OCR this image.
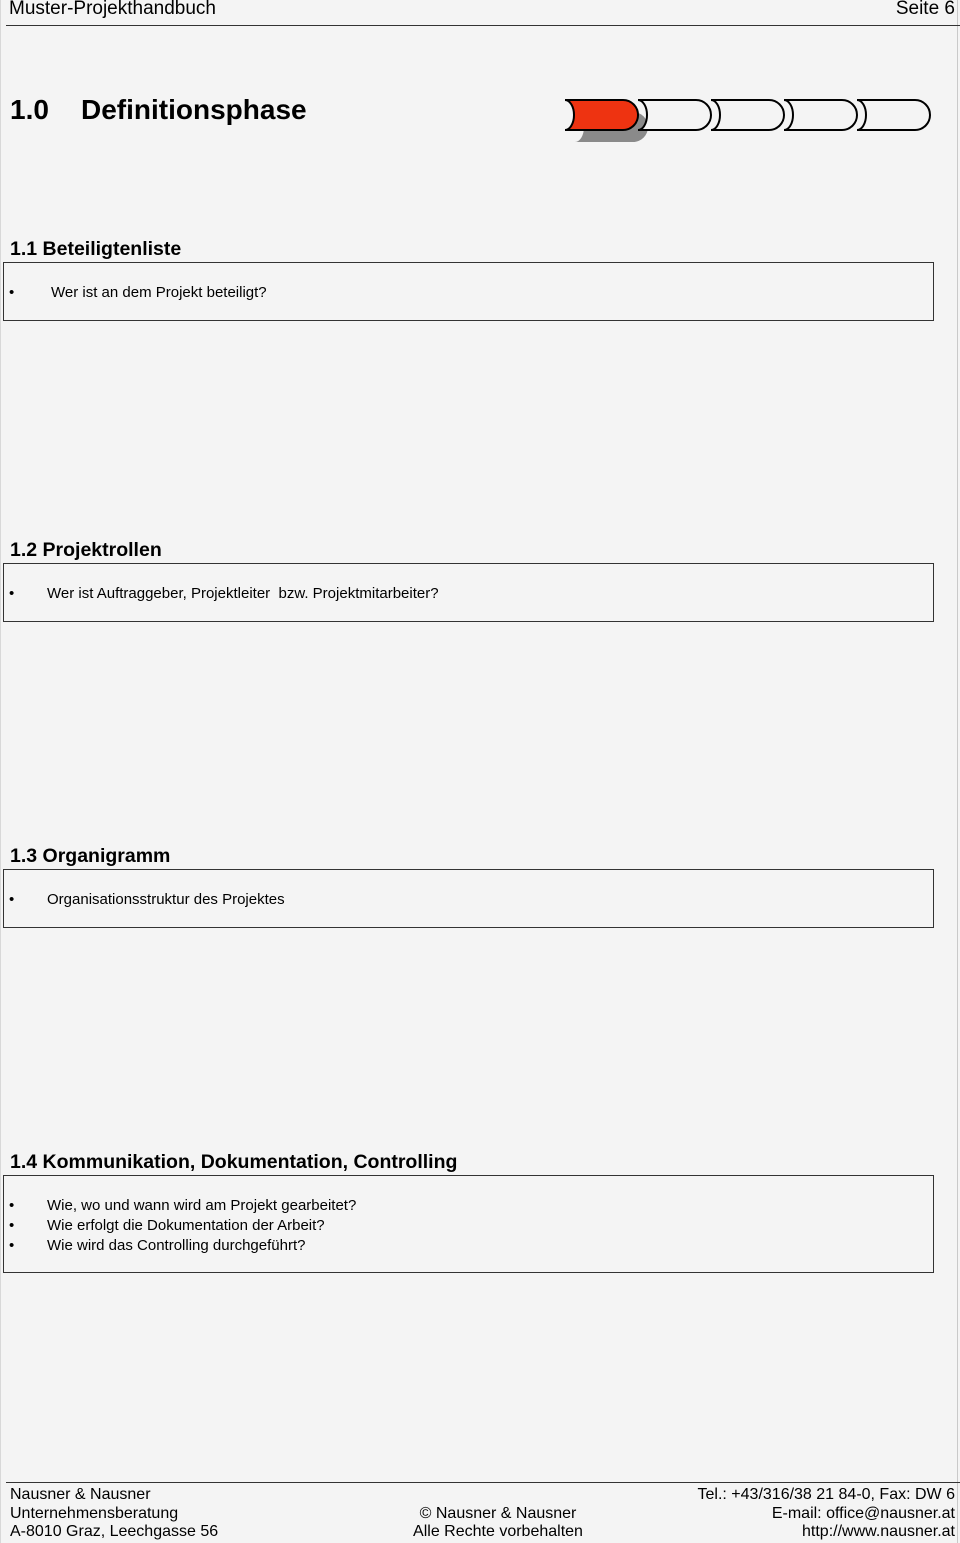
Muster-Projekthandbuch	Seite 6
1.0 Definitionsphase
1.1 Beteiligtenliste
• Wer ist an dem Projekt beteiligt?
1.2 Projektrollen
• Wer ist Auftraggeber, Projektleiter  bzw. Projektmitarbeiter?
1.3 Organigramm
• Organisationsstruktur des Projektes
1.4 Kommunikation, Dokumentation, Controlling
• Wie, wo und wann wird am Projekt gearbeitet?
• Wie erfolgt die Dokumentation der Arbeit?
• Wie wird das Controlling durchgeführt?
Nausner & Nausner
Unternehmensberatung
A-8010 Graz, Leechgasse 56
© Nausner & Nausner
Alle Rechte vorbehalten
Tel.: +43/316/38 21 84-0, Fax: DW 6
E-mail: office@nausner.at
http://www.nausner.at
